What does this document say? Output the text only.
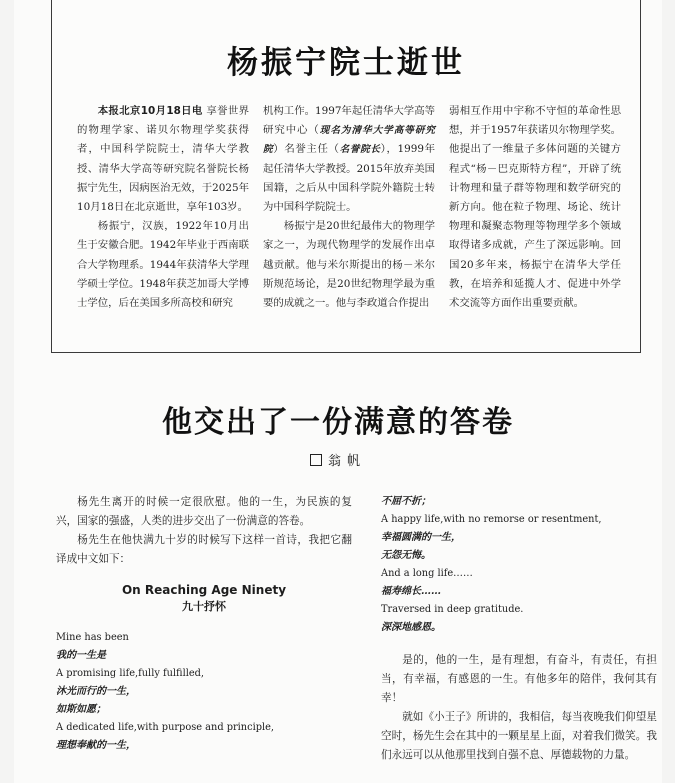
杨振宁院士逝世

本报北京10月18日电 享誉世界的物理学家、诺贝尔物理学奖获得者，中国科学院院士，清华大学教授、清华大学高等研究院名誉院长杨振宁先生，因病医治无效，于2025年10月18日在北京逝世，享年103岁。

杨振宁，汉族，1922年10月出生于安徽合肥。1942年毕业于西南联合大学物理系。1944年获清华大学理学硕士学位。1948年获芝加哥大学博士学位，后在美国多所高校和研究

机构工作。1997年起任清华大学高等研究中心（现名为清华大学高等研究院）名誉主任（名誉院长），1999年起任清华大学教授。2015年放弃美国国籍，之后从中国科学院外籍院士转为中国科学院院士。

杨振宁是20世纪最伟大的物理学家之一，为现代物理学的发展作出卓越贡献。他与米尔斯提出的杨－米尔斯规范场论，是20世纪物理学最为重要的成就之一。他与李政道合作提出

弱相互作用中宇称不守恒的革命性思想，并于1957年获诺贝尔物理学奖。他提出了一维量子多体问题的关键方程式“杨－巴克斯特方程”，开辟了统计物理和量子群等物理和数学研究的新方向。他在粒子物理、场论、统计物理和凝聚态物理等物理学多个领域取得诸多成就，产生了深远影响。回国20多年来，杨振宁在清华大学任教，在培养和延揽人才、促进中外学术交流等方面作出重要贡献。

他交出了一份满意的答卷
翁帆

杨先生离开的时候一定很欣慰。他的一生，为民族的复兴，国家的强盛，人类的进步交出了一份满意的答卷。

杨先生在他快满九十岁的时候写下这样一首诗，我把它翻译成中文如下：

On Reaching Age Ninety
九十抒怀

Mine has been

我的一生是

A promising life,fully fulfilled,

沐光而行的一生，

如斯如愿；

A dedicated life,with purpose and principle,

理想奉献的一生，

不屈不折；

A happy life,with no remorse or resentment,

幸福圆满的一生，

无怨无悔。

And a long life……

福寿绵长……

Traversed in deep gratitude.

深深地感恩。

是的，他的一生，是有理想，有奋斗，有责任，有担当，有幸福，有感恩的一生。有他多年的陪伴，我何其有幸！

就如《小王子》所讲的，我相信，每当夜晚我们仰望星空时，杨先生会在其中的一颗星星上面，对着我们微笑。我们永远可以从他那里找到自强不息、厚德载物的力量。
